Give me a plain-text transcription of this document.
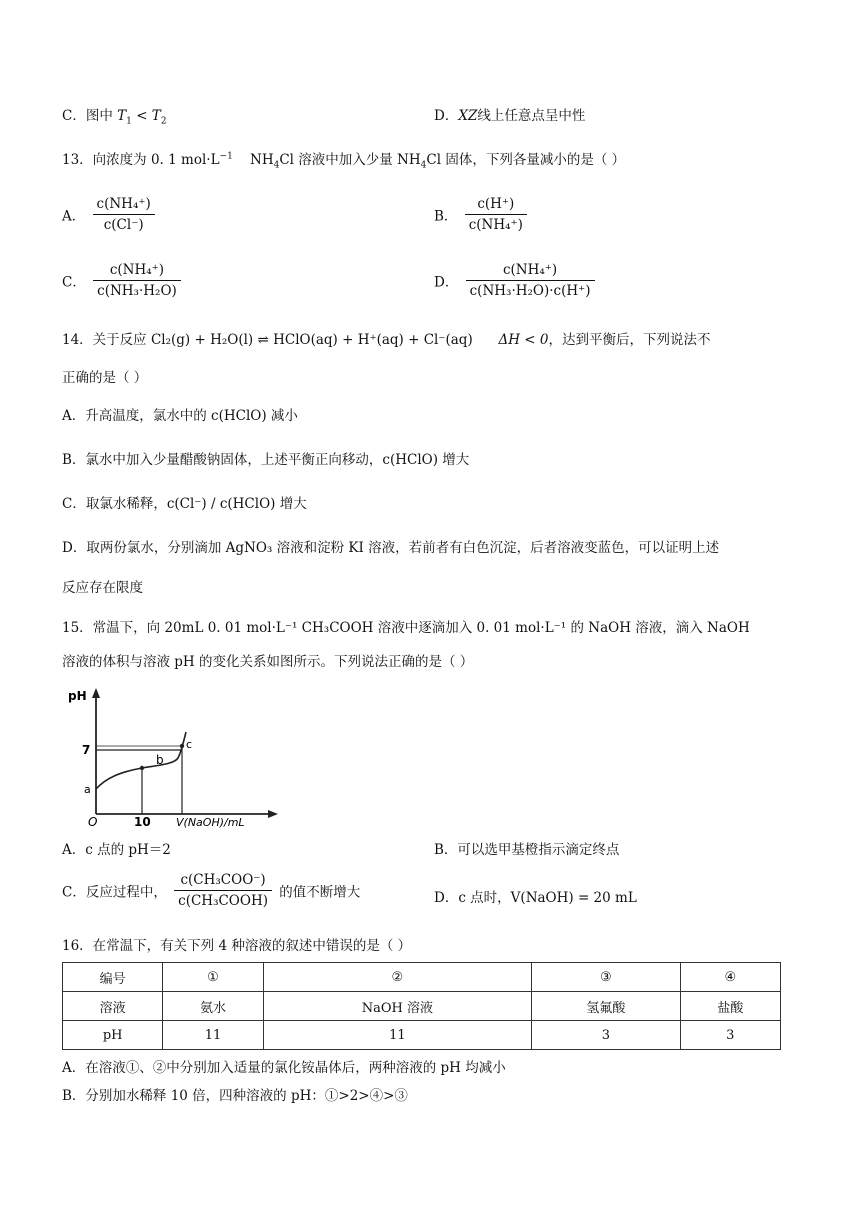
C．图中 $T_1 < T_2$	D．XZ线上任意点呈中性
13．向浓度为 0. 1 $mol\cdot L^{-1}$ $NH_4Cl$ 溶液中加入少量 $NH_4Cl$ 固体，下列各量减小的是（ ）
A． $\frac{\text{c(NH₄⁺)}}{c(Cl^-)}$	B． $\frac{c(H^+)}{\text{c(NH₄⁺)}}$
C． $\frac{\text{c(NH₄⁺)}}{\text{c(NH₃·H₂O)}}$	D． $\frac{\text{c(NH₄⁺)}}{\text{c(NH₃·H₂O)·c(H⁺)}}$
14．关于反应 Cl₂(g) + H₂O(l) ⇌ HClO(aq) + H⁺(aq) + Cl⁻(aq) ΔH < 0，达到平衡后，下列说法不
正确的是（ ）
A．升高温度，氯水中的 c(HClO) 减小
B．氯水中加入少量醋酸钠固体，上述平衡正向移动，c(HClO) 增大
C．取氯水稀释，c(Cl⁻) / c(HClO) 增大
D．取两份氯水，分别滴加 AgNO₃ 溶液和淀粉 KI 溶液，若前者有白色沉淀，后者溶液变蓝色，可以证明上述
反应存在限度
15．常温下，向 20mL 0. 01 mol·L⁻¹ CH₃COOH 溶液中逐滴加入 0. 01 mol·L⁻¹ 的 NaOH 溶液，滴入 NaOH
溶液的体积与溶液 pH 的变化关系如图所示。下列说法正确的是（ ）
pH
7
a
b
c
O	10 V(NaOH)/mL
A．c 点的 pH＝2	B．可以选甲基橙指示滴定终点
C．反应过程中， $\frac{\text{c(CH₃COO⁻)}}{\text{c(CH₃COOH)}}$ 的值不断增大	D．c 点时，V(NaOH) = 20 mL
16．在常温下，有关下列 4 种溶液的叙述中错误的是（ ）
编号	①	②	③	④
溶液	氨水	NaOH 溶液	氢氟酸	盐酸
pH	11	11	3	3
A．在溶液①、②中分别加入适量的氯化铵晶体后，两种溶液的 pH 均减小
B．分别加水稀释 10 倍，四种溶液的 pH：①>2>④>③
